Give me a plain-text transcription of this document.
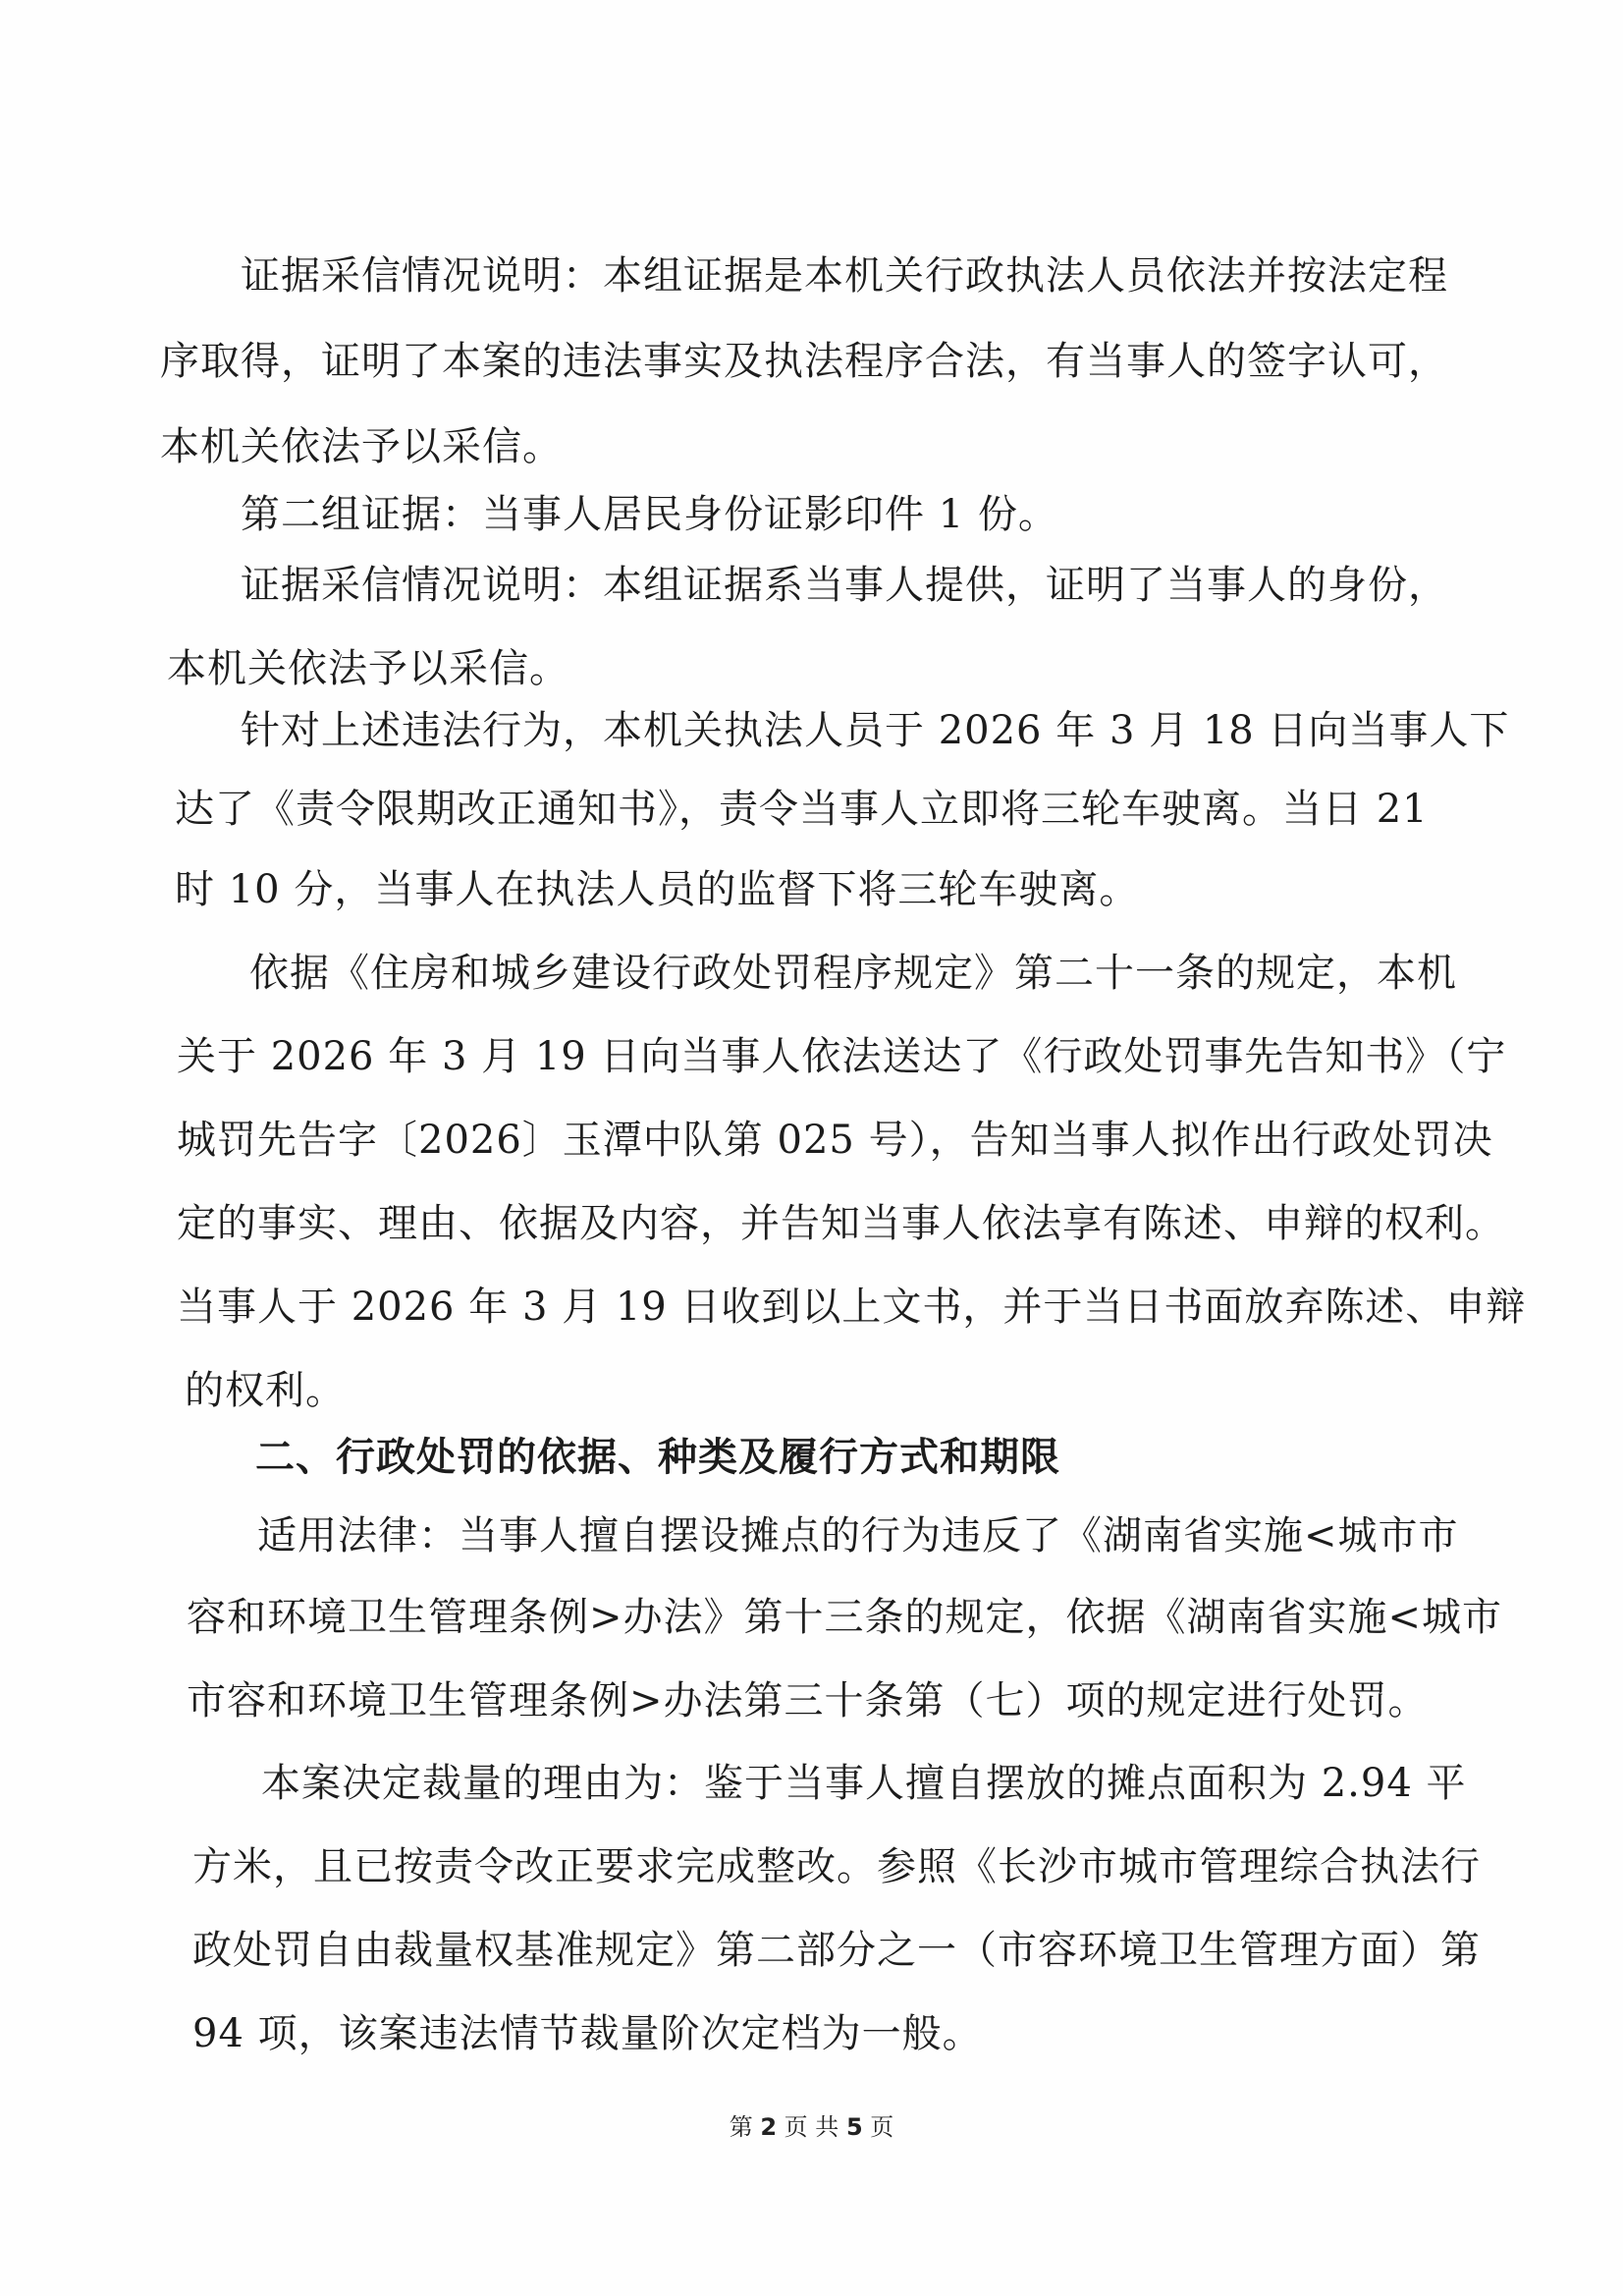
证据采信情况说明：本组证据是本机关行政执法人员依法并按法定程
序取得，证明了本案的违法事实及执法程序合法，有当事人的签字认可，
本机关依法予以采信。
第二组证据：当事人居民身份证影印件 1 份。
证据采信情况说明：本组证据系当事人提供，证明了当事人的身份，
本机关依法予以采信。
针对上述违法行为，本机关执法人员于 2026 年 3 月 18 日向当事人下
达了《责令限期改正通知书》，责令当事人立即将三轮车驶离。当日 21
时 10 分，当事人在执法人员的监督下将三轮车驶离。
依据《住房和城乡建设行政处罚程序规定》第二十一条的规定，本机
关于 2026 年 3 月 19 日向当事人依法送达了《行政处罚事先告知书》（宁
城罚先告字〔2026〕玉潭中队第 025 号），告知当事人拟作出行政处罚决
定的事实、理由、依据及内容，并告知当事人依法享有陈述、申辩的权利。
当事人于 2026 年 3 月 19 日收到以上文书，并于当日书面放弃陈述、申辩
的权利。
二、行政处罚的依据、种类及履行方式和期限
适用法律：当事人擅自摆设摊点的行为违反了《湖南省实施<城市市
容和环境卫生管理条例>办法》第十三条的规定，依据《湖南省实施<城市
市容和环境卫生管理条例>办法第三十条第（七）项的规定进行处罚。
本案决定裁量的理由为：鉴于当事人擅自摆放的摊点面积为 2.94 平
方米，且已按责令改正要求完成整改。参照《长沙市城市管理综合执法行
政处罚自由裁量权基准规定》第二部分之一（市容环境卫生管理方面）第
94 项，该案违法情节裁量阶次定档为一般。
第 2 页 共 5 页
